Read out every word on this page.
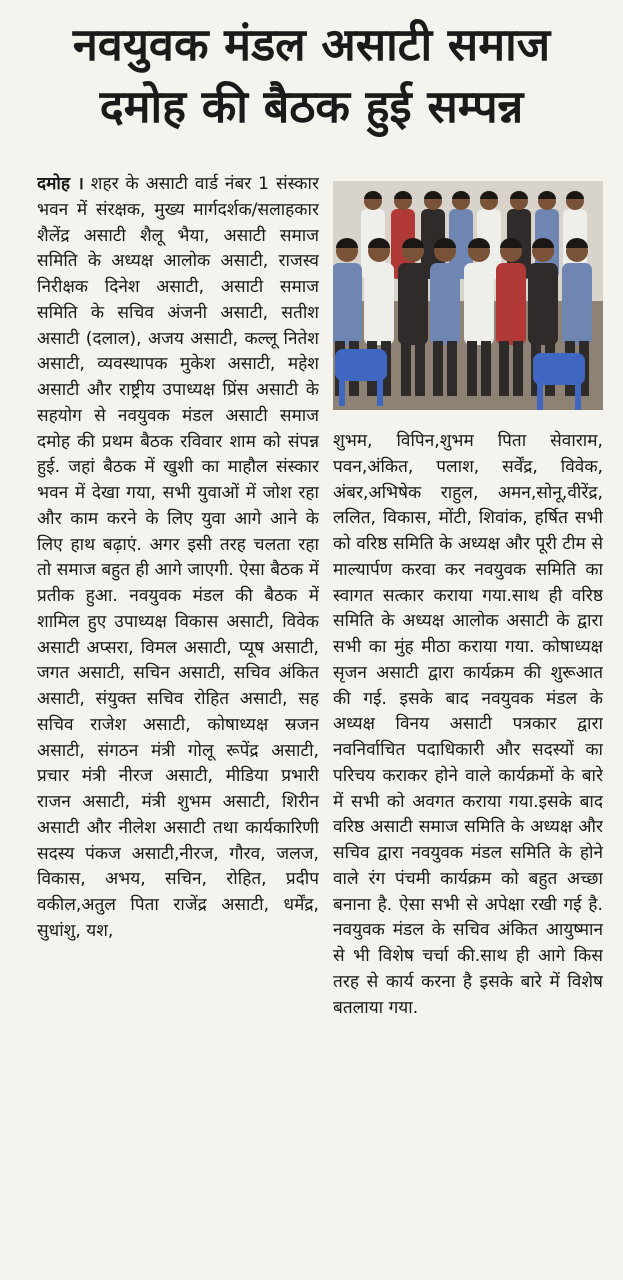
नवयुवक मंडल असाटी समाज
दमोह की बैठक हुई सम्पन्न

दमोह । शहर के असाटी वार्ड नंबर 1 संस्कार भवन में संरक्षक, मुख्य मार्गदर्शक/सलाहकार शैलेंद्र असाटी शैलू भैया, असाटी समाज समिति के अध्यक्ष आलोक असाटी, राजस्व निरीक्षक दिनेश असाटी, असाटी समाज समिति के सचिव अंजनी असाटी, सतीश असाटी (दलाल), अजय असाटी, कल्लू नितेश असाटी, व्यवस्थापक मुकेश असाटी, महेश असाटी और राष्ट्रीय उपाध्यक्ष प्रिंस असाटी के सहयोग से नवयुवक मंडल असाटी समाज दमोह की प्रथम बैठक रविवार शाम को संपन्न हुई. जहां बैठक में खुशी का माहौल संस्कार भवन में देखा गया, सभी युवाओं में जोश रहा और काम करने के लिए युवा आगे आने के लिए हाथ बढ़ाएं. अगर इसी तरह चलता रहा तो समाज बहुत ही आगे जाएगी. ऐसा बैठक में प्रतीक हुआ. नवयुवक मंडल की बैठक में शामिल हुए उपाध्यक्ष विकास असाटी, विवेक असाटी अप्सरा, विमल असाटी, प्यूष असाटी, जगत असाटी, सचिन असाटी, सचिव अंकित असाटी, संयुक्त सचिव रोहित असाटी, सह सचिव राजेश असाटी, कोषाध्यक्ष स्रजन असाटी, संगठन मंत्री गोलू रूपेंद्र असाटी, प्रचार मंत्री नीरज असाटी, मीडिया प्रभारी राजन असाटी, मंत्री शुभम असाटी, शिरीन असाटी और नीलेश असाटी तथा कार्यकारिणी सदस्य पंकज असाटी,नीरज, गौरव, जलज, विकास, अभय, सचिन, रोहित, प्रदीप वकील,अतुल पिता राजेंद्र असाटी, धर्मेंद्र, सुधांशु, यश,

शुभम, विपिन,शुभम पिता सेवाराम, पवन,अंकित, पलाश, सर्वेंद्र, विवेक, अंबर,अभिषेक राहुल, अमन,सोनू,वीरेंद्र, ललित, विकास, मोंटी, शिवांक, हर्षित सभी को वरिष्ठ समिति के अध्यक्ष और पूरी टीम से माल्यार्पण करवा कर नवयुवक समिति का स्वागत सत्कार कराया गया.साथ ही वरिष्ठ समिति के अध्यक्ष आलोक असाटी के द्वारा सभी का मुंह मीठा कराया गया. कोषाध्यक्ष सृजन असाटी द्वारा कार्यक्रम की शुरूआत की गई. इसके बाद नवयुवक मंडल के अध्यक्ष विनय असाटी पत्रकार द्वारा नवनिर्वाचित पदाधिकारी और सदस्यों का परिचय कराकर होने वाले कार्यक्रमों के बारे में सभी को अवगत कराया गया.इसके बाद वरिष्ठ असाटी समाज समिति के अध्यक्ष और सचिव द्वारा नवयुवक मंडल समिति के होने वाले रंग पंचमी कार्यक्रम को बहुत अच्छा बनाना है. ऐसा सभी से अपेक्षा रखी गई है. नवयुवक मंडल के सचिव अंकित आयुष्मान से भी विशेष चर्चा की.साथ ही आगे किस तरह से कार्य करना है इसके बारे में विशेष बतलाया गया.
